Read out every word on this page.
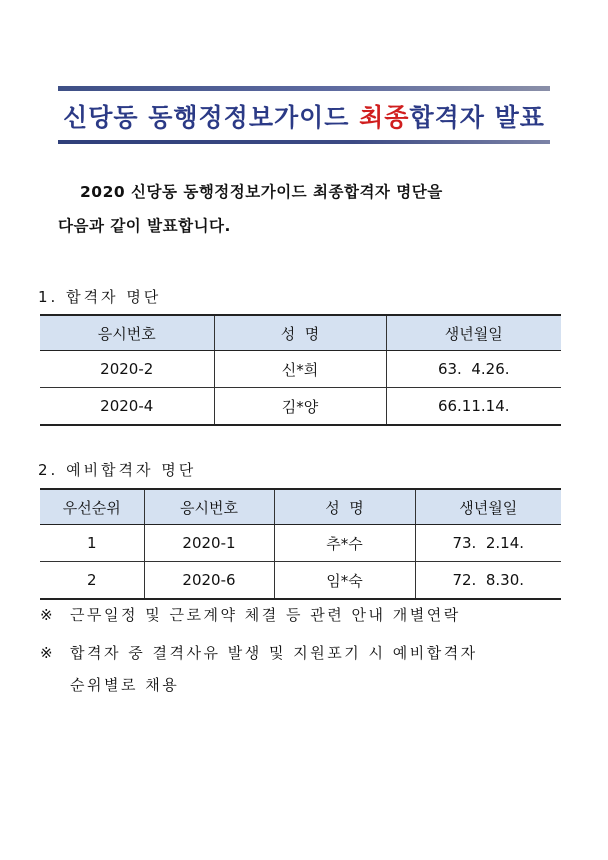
신당동 동행정정보가이드 최종합격자 발표
2020 신당동 동행정정보가이드 최종합격자 명단을
다음과 같이 발표합니다.
1. 합격자 명단
응시번호	성  명	생년월일
2020-2	신*희	63.  4.26.
2020-4	김*양	66.11.14.
2. 예비합격자 명단
우선순위	응시번호	성  명	생년월일
1	2020-1	추*수	73.  2.14.
2	2020-6	임*숙	72.  8.30.
※ 근무일정 및 근로계약 체결 등 관련 안내 개별연락
※ 합격자 중 결격사유 발생 및 지원포기 시 예비합격자
순위별로 채용
